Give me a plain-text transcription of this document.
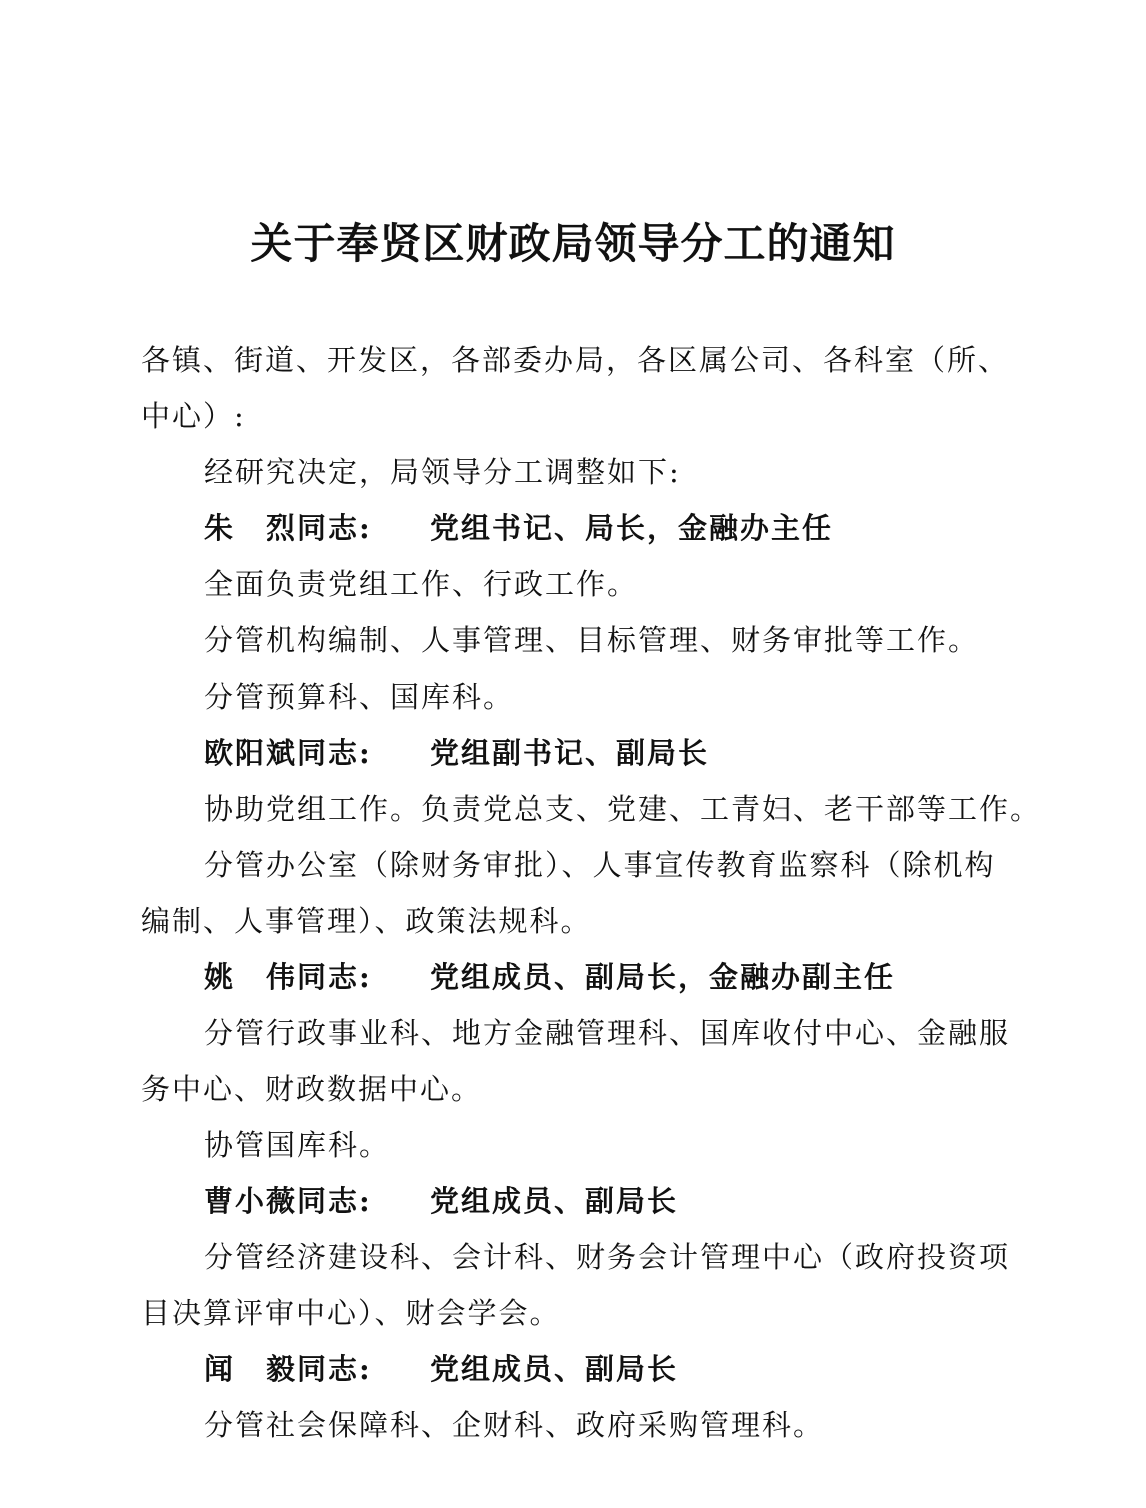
关于奉贤区财政局领导分工的通知
各镇、街道、开发区，各部委办局，各区属公司、各科室（所、
中心）:
经研究决定，局领导分工调整如下:
朱　烈同志: 党组书记、局长，金融办主任
全面负责党组工作、行政工作。
分管机构编制、人事管理、目标管理、财务审批等工作。
分管预算科、国库科。
欧阳斌同志: 党组副书记、副局长
协助党组工作。负责党总支、党建、工青妇、老干部等工作。
分管办公室（除财务审批）、人事宣传教育监察科（除机构
编制、人事管理）、政策法规科。
姚　伟同志: 党组成员、副局长，金融办副主任
分管行政事业科、地方金融管理科、国库收付中心、金融服
务中心、财政数据中心。
协管国库科。
曹小薇同志: 党组成员、副局长
分管经济建设科、会计科、财务会计管理中心（政府投资项
目决算评审中心）、财会学会。
闻　毅同志: 党组成员、副局长
分管社会保障科、企财科、政府采购管理科。
